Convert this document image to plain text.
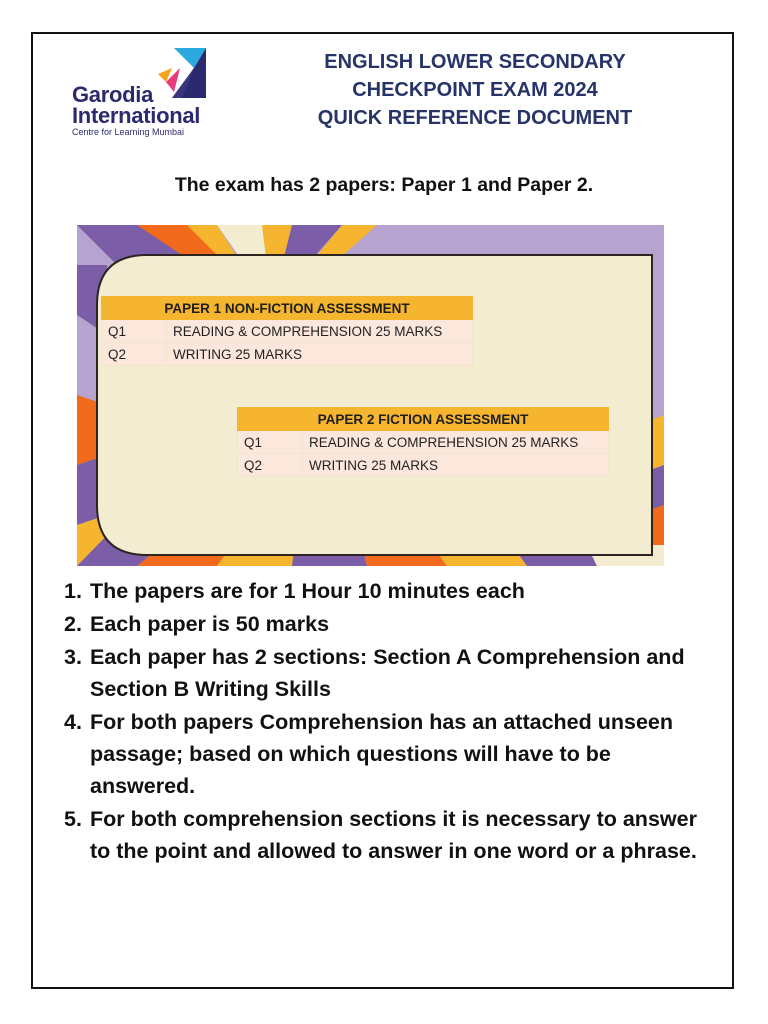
Garodia
International
Centre for Learning Mumbai
ENGLISH LOWER SECONDARY
CHECKPOINT EXAM 2024
QUICK REFERENCE DOCUMENT
The exam has 2 papers: Paper 1 and Paper 2.
PAPER 1 NON-FICTION ASSESSMENT	
Q1	READING & COMPREHENSION 25 MARKS
Q2	WRITING 25 MARKS
PAPER 2 FICTION ASSESSMENT	
Q1	READING & COMPREHENSION 25 MARKS
Q2	WRITING 25 MARKS
1. The papers are for 1 Hour 10 minutes each
2. Each paper is 50 marks
3. Each paper has 2 sections: Section A Comprehension and Section B Writing Skills
4. For both papers Comprehension has an attached unseen passage; based on which questions will have to be answered.
5. For both comprehension sections it is necessary to answer to the point and allowed to answer in one word or a phrase.
